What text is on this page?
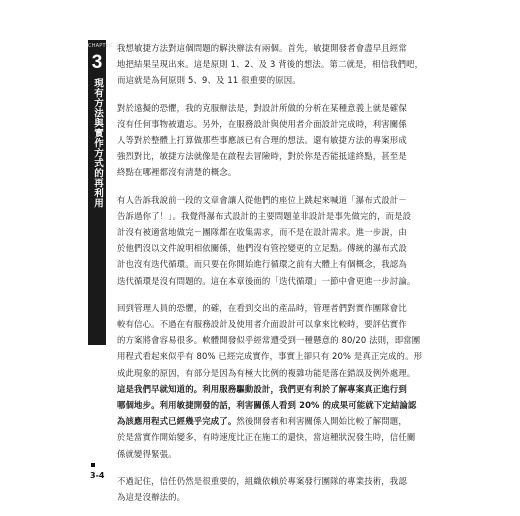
CHAPTER
3
現有方法與實作方式的再利用

我想敏捷方法對這個問題的解決辦法有兩個。首先，敏捷開發者會盡早且經常
地把結果呈現出來。這是原則 1、2、及 3 背後的想法。第二就是，相信我們吧，
而這就是為何原則 5、9、及 11 很重要的原因。

對於遠擬的恐懼，我的克服辦法是，對設計所做的分析在某種意義上就是確保
沒有任何事物被遺忘。另外，在服務設計與使用者介面設計完成時，利害關係
人等對於整體上打算做那些事應該已有合理的想法。還有敏捷方法的專案形成
強烈對比，敏捷方法就像是在啟程去冒險時，對於你是否能抵達終點，甚至是
終點在哪裡都沒有清楚的概念。

有人告訴我說前一段的文章會讓人從他們的座位上跳起來喊道「瀑布式設計－
告訴過你了！」。我覺得瀑布式設計的主要問題並非設計是事先做完的，而是設
計沒有被適當地做完－團隊都在收集需求，而不是在設計需求。進一步說，由
於他們沒以文件說明相依關係，他們沒有管控變更的立足點。傳統的瀑布式設
計也沒有迭代循環。而只要在你開始進行循環之前有大體上有個概念，我認為
迭代循環是沒有問題的。這在本章後面的「迭代循環」一節中會更進一步討論。

回到管理人員的恐懼，的確，在看到交出的產品時，管理者們對實作團隊會比
較有信心。不過在有服務設計及使用者介面設計可以拿來比較時，要評估實作
的方案將會容易很多。軟體開發似乎經常遭受到一種懸意的 80/20 法則，即當團
用程式看起來似乎有 80% 已經完成實作，事實上卻只有 20% 是真正完成的。形
成此現象的原因，有部分是因為有極大比例的複雜功能是落在錯誤及例外處理。
這是我們早就知道的。利用服務驅動設計，我們更有利於了解專案真正進行到
哪個地步。利用敏捷開發的話，利害關係人看到 20% 的成果可能就下定結論認
為該應用程式已經幾乎完成了。然後開發者和利害關係人開始比較了解問題，
於是當實作開始變多，有時速度比正在施工的還快，當這種狀況發生時，信任關
係就變得緊張。

不過記住，信任仍然是很重要的，組織依賴於專案發行團隊的專業技術，我認
為這是沒辦法的。

3-4
